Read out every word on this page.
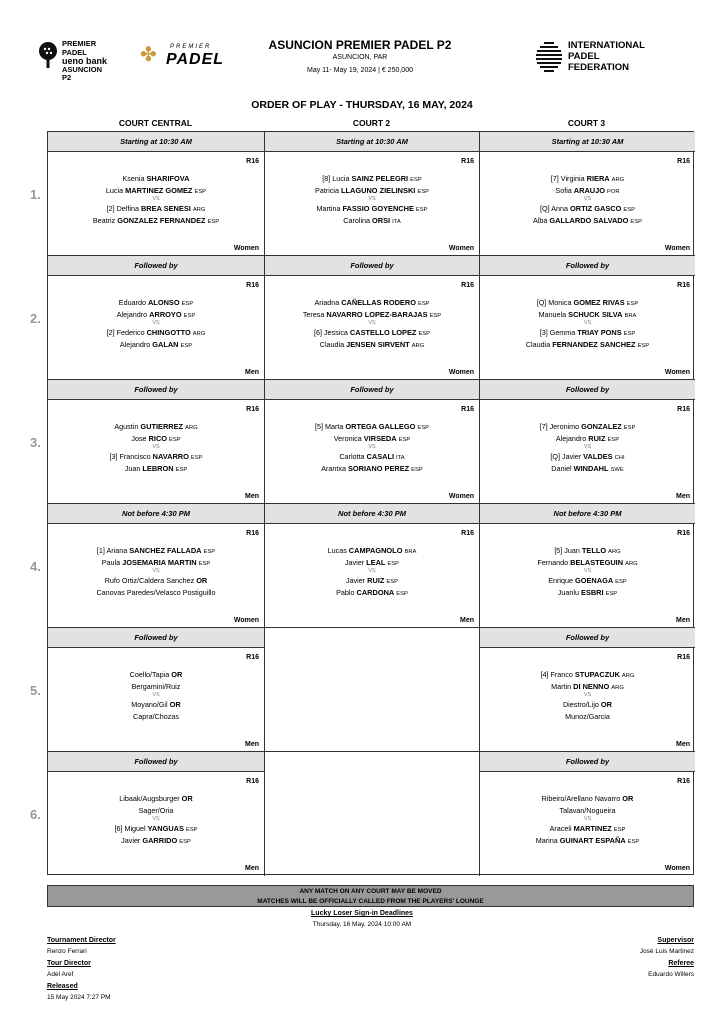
PREMIER PADEL
ueno bank
ASUNCION
P2
✤ PREMIER
PADEL
ASUNCION PREMIER PADEL P2
ASUNCION, PAR
May 11- May 19, 2024 | € 250,000
INTERNATIONAL
PADEL
FEDERATION
ORDER OF PLAY - THURSDAY, 16 MAY, 2024
COURT CENTRAL	COURT 2	COURT 3
Starting at 10:30 AM
R16
Ksenia SHARIFOVA
Lucia MARTINEZ GOMEZ ESP
VS
[2] Delfina BREA SENESI ARG
Beatriz GONZALEZ FERNANDEZ ESP
Women
Starting at 10:30 AM
R16
[8] Lucia SAINZ PELEGRI ESP
Patricia LLAGUNO ZIELINSKI ESP
VS
Martina FASSIO GOYENCHE ESP
Carolina ORSI ITA
Women
Starting at 10:30 AM
R16
[7] Virginia RIERA ARG
Sofia ARAUJO POR
VS
[Q] Anna ORTIZ GASCO ESP
Alba GALLARDO SALVADO ESP
Women
Followed by
R16
Eduardo ALONSO ESP
Alejandro ARROYO ESP
VS
[2] Federico CHINGOTTO ARG
Alejandro GALAN ESP
Men
Followed by
R16
Ariadna CAÑELLAS RODERO ESP
Teresa NAVARRO LOPEZ-BARAJAS ESP
VS
[6] Jessica CASTELLO LOPEZ ESP
Claudia JENSEN SIRVENT ARG
Women
Followed by
R16
[Q] Monica GOMEZ RIVAS ESP
Manuela SCHUCK SILVA BRA
VS
[3] Gemma TRIAY PONS ESP
Claudia FERNANDEZ SANCHEZ ESP
Women
Followed by
R16
Agustin GUTIERREZ ARG
Jose RICO ESP
VS
[3] Francisco NAVARRO ESP
Juan LEBRON ESP
Men
Followed by
R16
[5] Marta ORTEGA GALLEGO ESP
Veronica VIRSEDA ESP
VS
Carlotta CASALI ITA
Arantxa SORIANO PEREZ ESP
Women
Followed by
R16
[7] Jeronimo GONZALEZ ESP
Alejandro RUIZ ESP
VS
[Q] Javier VALDES CHI
Daniel WINDAHL SWE
Men
Not before 4:30 PM
R16
[1] Ariana SANCHEZ FALLADA ESP
Paula JOSEMARIA MARTIN ESP
VS
Rufo Ortiz/Caldera Sanchez OR
Canovas Paredes/Velasco Postiguillo
Women
Not before 4:30 PM
R16
Lucas CAMPAGNOLO BRA
Javier LEAL ESP
VS
Javier RUIZ ESP
Pablo CARDONA ESP
Men
Not before 4:30 PM
R16
[5] Juan TELLO ARG
Fernando BELASTEGUIN ARG
VS
Enrique GOENAGA ESP
Juanlu ESBRI ESP
Men
Followed by
R16
Coello/Tapia OR
Bergamini/Ruiz
VS
Moyano/Gil OR
Capra/Chozas
Men
Followed by
R16
[4] Franco STUPACZUK ARG
Martin DI NENNO ARG
VS
Diestro/Lijo OR
Munoz/Garcia
Men
Followed by
R16
Libaak/Augsburger OR
Sager/Oria
VS
[6] Miguel YANGUAS ESP
Javier GARRIDO ESP
Men
Followed by
R16
Ribeiro/Arellano Navarro OR
Talavan/Nogueira
VS
Araceli MARTINEZ ESP
Marina GUINART ESPAÑA ESP
Women
ANY MATCH ON ANY COURT MAY BE MOVED
MATCHES WILL BE OFFICIALLY CALLED FROM THE PLAYERS' LOUNGE
Lucky Loser Sign-in Deadlines
Thursday, 16 May, 2024 10:00 AM
Tournament Director
Renzo Ferrari
Tour Director
Adel Aref
Released
15 May 2024 7:27 PM
Supervisor
José Luis Martinez
Referee
Eduardo Willers
1.
2.
3.
4.
5.
6.
